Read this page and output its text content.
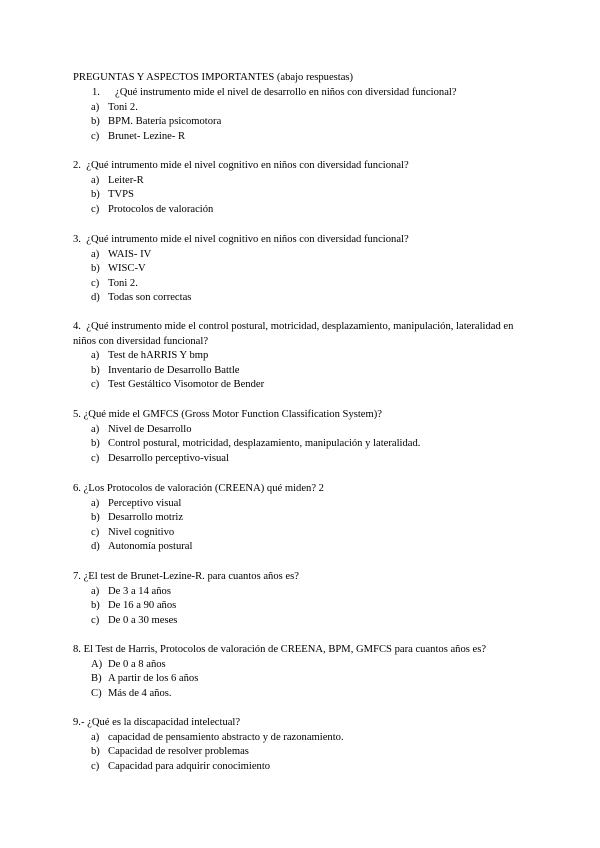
PREGUNTAS Y ASPECTOS IMPORTANTES (abajo respuestas)
1. ¿Qué instrumento mide el nivel de desarrollo en niños con diversidad funcional?
a) Toni 2.
b) BPM. Batería psicomotora
c) Brunet- Lezine- R
2. ¿Qué intrumento mide el nivel cognitivo en niños con diversidad funcional?
a) Leiter-R
b) TVPS
c) Protocolos de valoración
3. ¿Qué intrumento mide el nivel cognitivo en niños con diversidad funcional?
a) WAIS- IV
b) WISC-V
c) Toni 2.
d) Todas son correctas
4. ¿Qué instrumento mide el control postural, motricidad, desplazamiento, manipulación, lateralidad en niños con diversidad funcional?
a) Test de hARRIS Y bmp
b) Inventario de Desarrollo Battle
c) Test Gestáltico Visomotor de Bender
5. ¿Qué mide el GMFCS (Gross Motor Function Classification System)?
a) Nivel de Desarrollo
b) Control postural, motricidad, desplazamiento, manipulación y lateralidad.
c) Desarrollo perceptivo-visual
6. ¿Los Protocolos de valoración (CREENA) qué miden? 2
a) Perceptivo visual
b) Desarrollo motriz
c) Nivel cognitivo
d) Autonomía postural
7. ¿El test de Brunet-Lezine-R. para cuantos años es?
a) De 3 a 14 años
b) De 16 a 90 años
c) De 0 a 30 meses
8. El Test de Harris, Protocolos de valoración de CREENA, BPM, GMFCS para cuantos años es?
A) De 0 a 8 años
B) A partir de los 6 años
C) Más de 4 años.
9.- ¿Qué es la discapacidad intelectual?
a) capacidad de pensamiento abstracto y de razonamiento.
b) Capacidad de resolver problemas
c) Capacidad para adquirir conocimiento
